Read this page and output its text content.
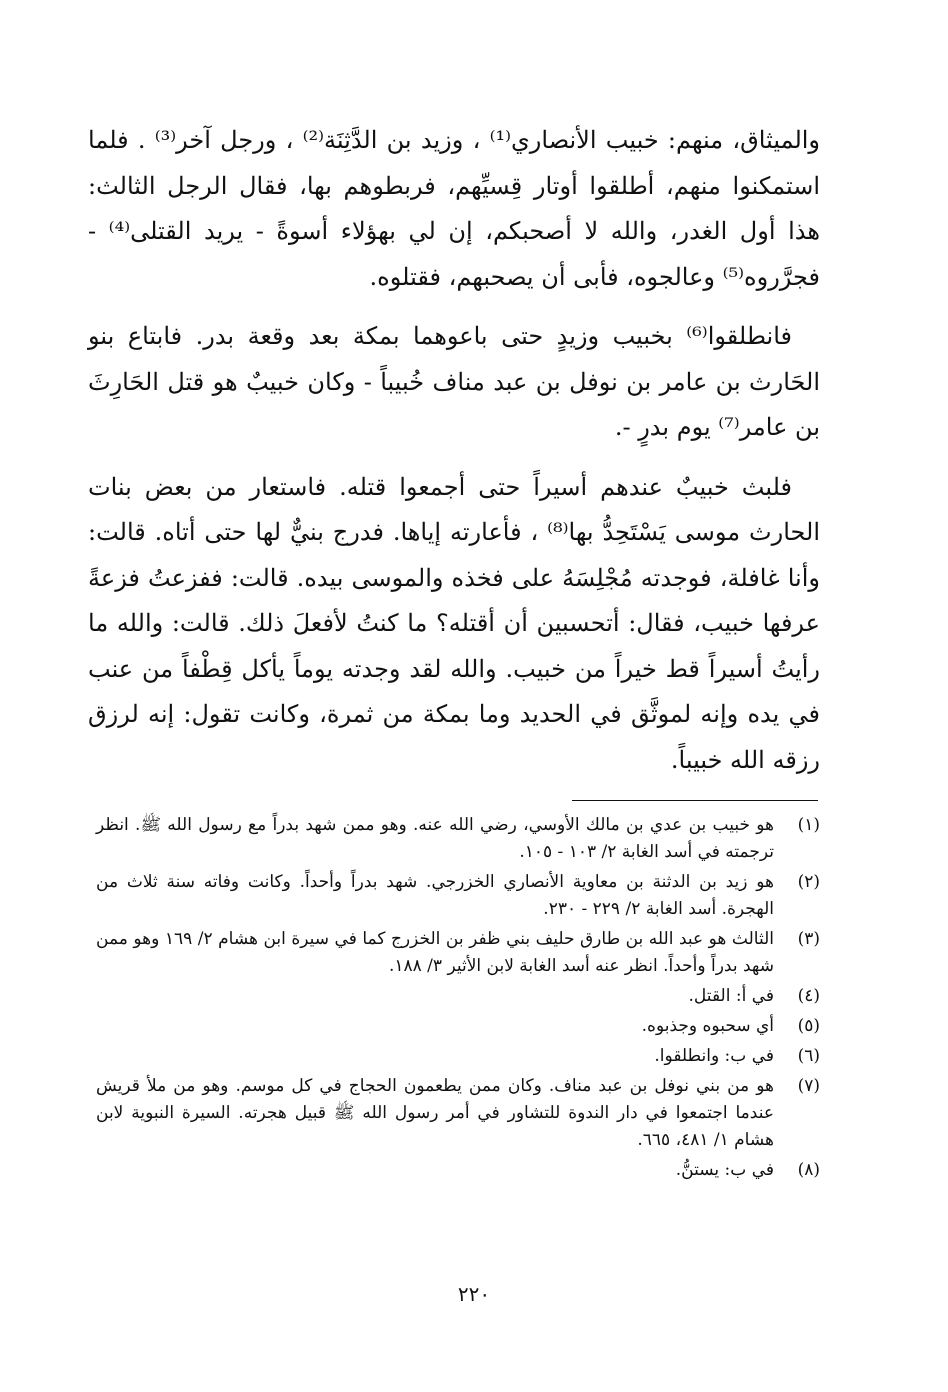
والميثاق، منهم: خبيب الأنصاري⁽¹⁾ ، وزيد بن الدَّثِنَة⁽²⁾ ، ورجل آخر⁽³⁾ . فلما استمكنوا منهم، أطلقوا أوتار قِسيِّهم، فربطوهم بها، فقال الرجل الثالث: هذا أول الغدر، والله لا أصحبكم، إن لي بهؤلاء أسوةً - يريد القتلى⁽⁴⁾ - فجرَّروه⁽⁵⁾ وعالجوه، فأبى أن يصحبهم، فقتلوه.

فانطلقوا⁽⁶⁾ بخبيب وزيدٍ حتى باعوهما بمكة بعد وقعة بدر. فابتاع بنو الحَارث بن عامر بن نوفل بن عبد مناف خُبيباً - وكان خبيبٌ هو قتل الحَارِثَ بن عامر⁽⁷⁾ يوم بدرٍ -.

فلبث خبيبٌ عندهم أسيراً حتى أجمعوا قتله. فاستعار من بعض بنات الحارث موسى يَسْتَحِدُّ بها⁽⁸⁾ ، فأعارته إياها. فدرج بنيٌّ لها حتى أتاه. قالت: وأنا غافلة، فوجدته مُجْلِسَهُ على فخذه والموسى بيده. قالت: ففزعتُ فزعةً عرفها خبيب، فقال: أتحسبين أن أقتله؟ ما كنتُ لأفعلَ ذلك. قالت: والله ما رأيتُ أسيراً قط خيراً من خبيب. والله لقد وجدته يوماً يأكل قِطْفاً من عنب في يده وإنه لموثَّق في الحديد وما بمكة من ثمرة، وكانت تقول: إنه لرزق رزقه الله خبيباً.

(١)
هو خبيب بن عدي بن مالك الأوسي، رضي الله عنه. وهو ممن شهد بدراً مع رسول الله ﷺ. انظر ترجمته في أسد الغابة ٢/ ١٠٣ - ١٠٥.
(٢)
هو زيد بن الدثنة بن معاوية الأنصاري الخزرجي. شهد بدراً وأحداً. وكانت وفاته سنة ثلاث من الهجرة. أسد الغابة ٢/ ٢٢٩ - ٢٣٠.
(٣)
الثالث هو عبد الله بن طارق حليف بني ظفر بن الخزرج كما في سيرة ابن هشام ٢/ ١٦٩ وهو ممن شهد بدراً وأحداً. انظر عنه أسد الغابة لابن الأثير ٣/ ١٨٨.
(٤)
في أ: القتل.
(٥)
أي سحبوه وجذبوه.
(٦)
في ب: وانطلقوا.
(٧)
هو من بني نوفل بن عبد مناف. وكان ممن يطعمون الحجاج في كل موسم. وهو من ملأ قريش عندما اجتمعوا في دار الندوة للتشاور في أمر رسول الله ﷺ قبيل هجرته. السيرة النبوية لابن هشام ١/ ٤٨١، ٦٦٥.
(٨)
في ب: يستنُّ.
٢٢٠
